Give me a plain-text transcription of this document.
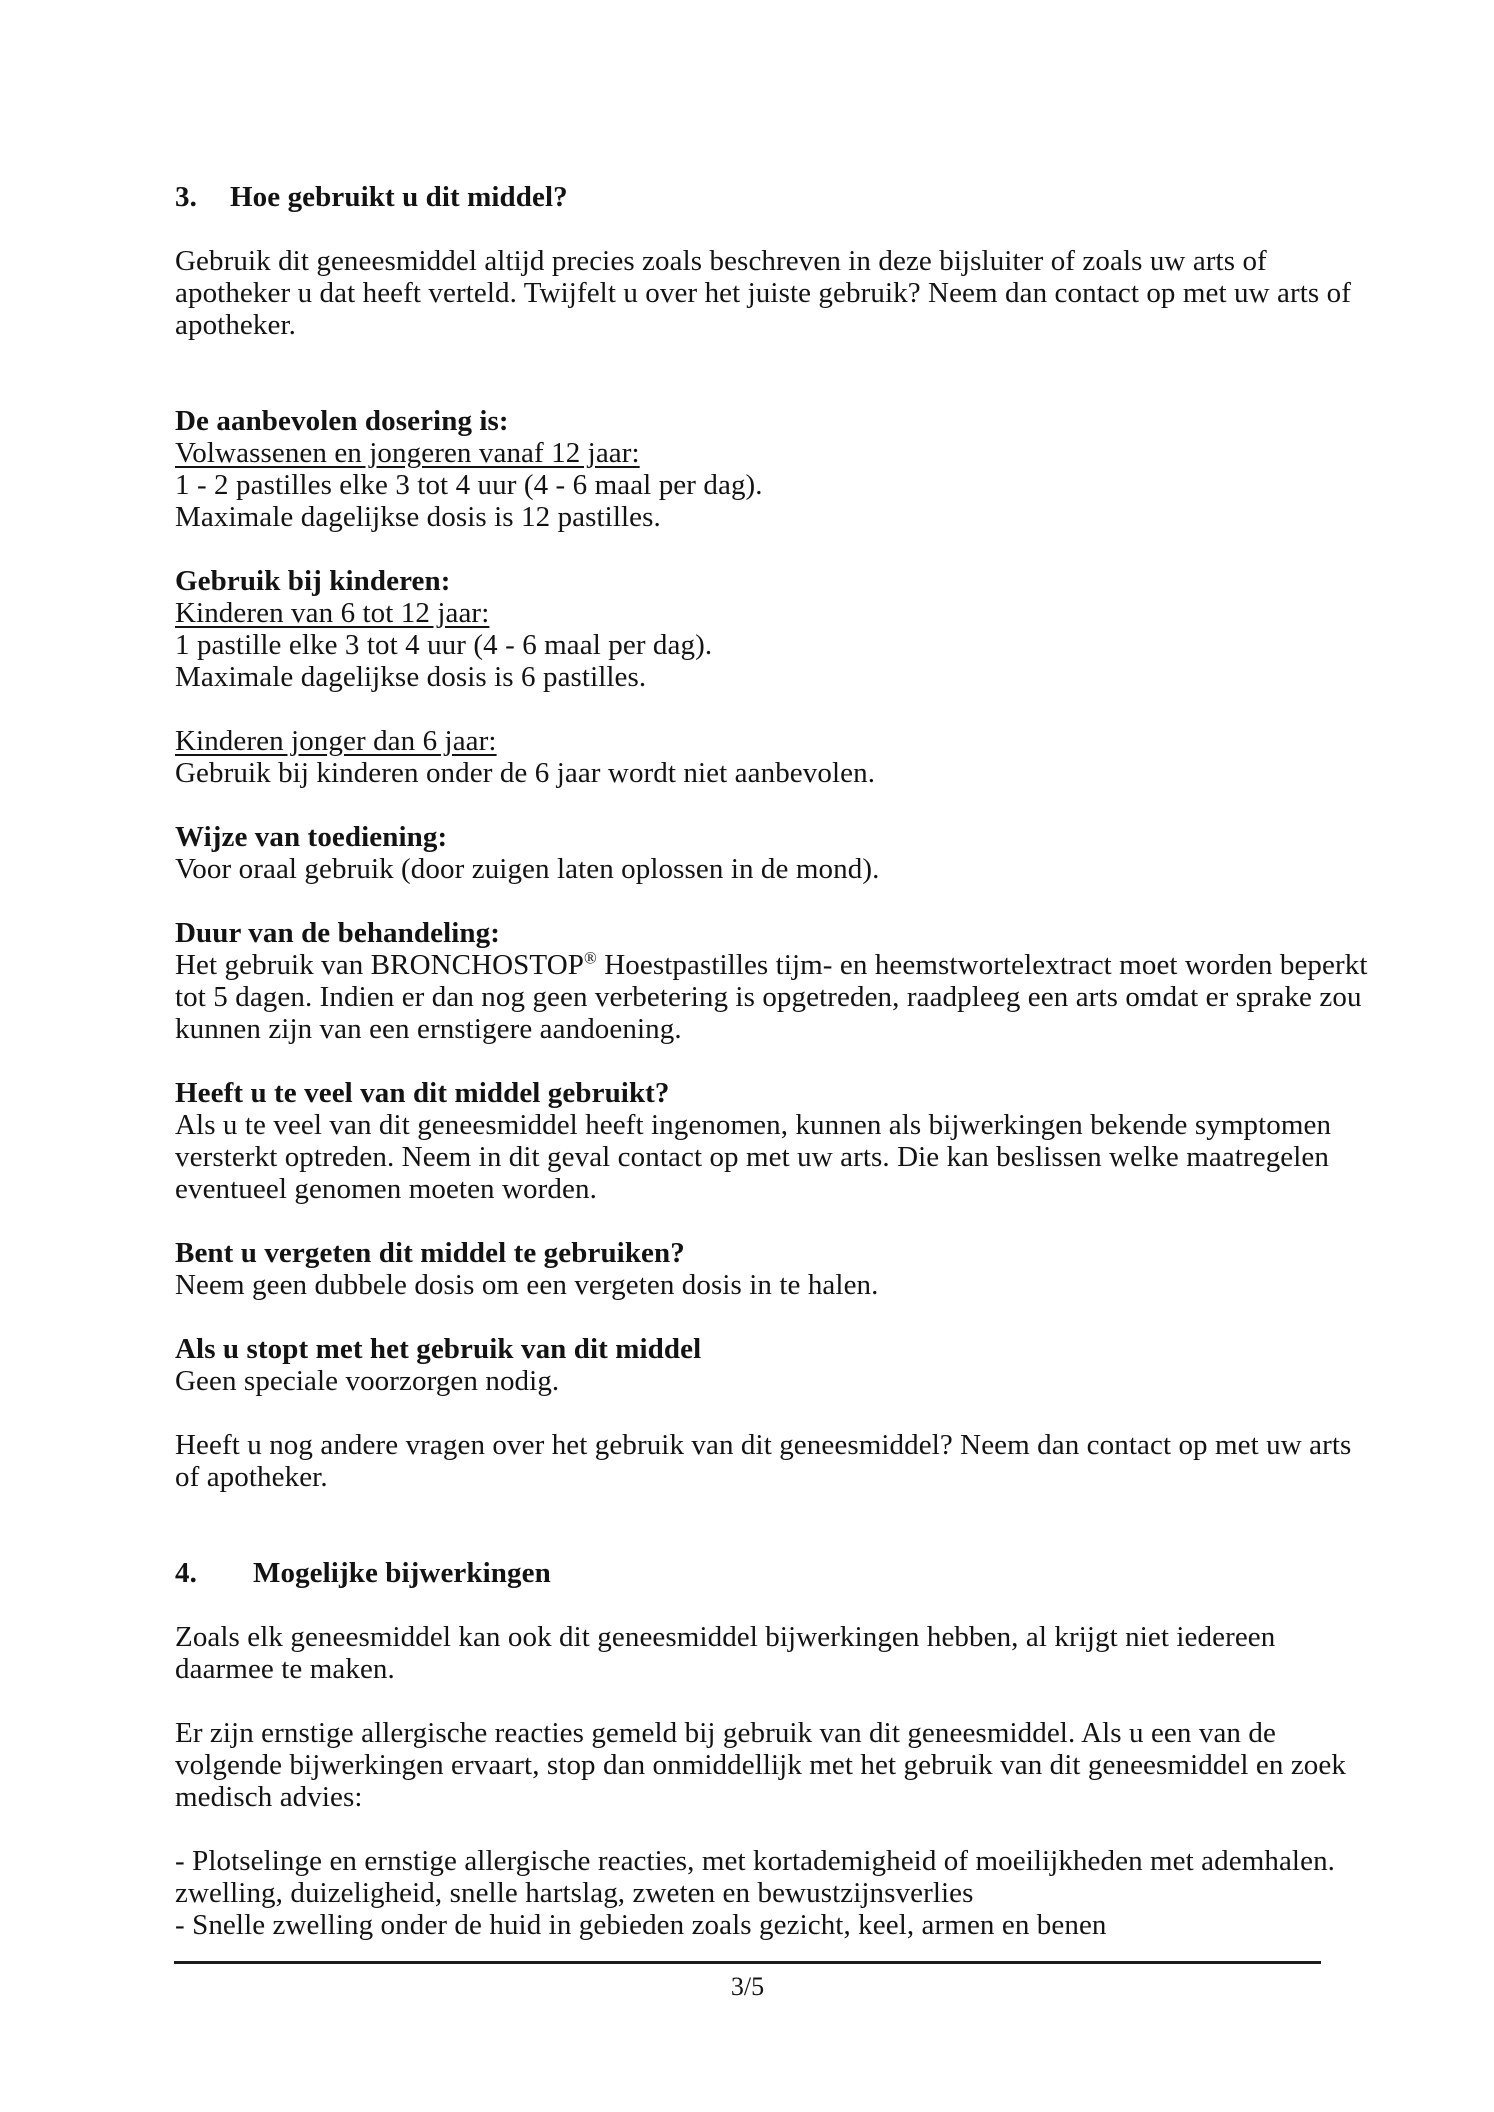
3. Hoe gebruikt u dit middel?

Gebruik dit geneesmiddel altijd precies zoals beschreven in deze bijsluiter of zoals uw arts of
apotheker u dat heeft verteld. Twijfelt u over het juiste gebruik? Neem dan contact op met uw arts of
apotheker.

De aanbevolen dosering is:
Volwassenen en jongeren vanaf 12 jaar:
1 - 2 pastilles elke 3 tot 4 uur (4 - 6 maal per dag).
Maximale dagelijkse dosis is 12 pastilles.

Gebruik bij kinderen:
Kinderen van 6 tot 12 jaar:
1 pastille elke 3 tot 4 uur (4 - 6 maal per dag).
Maximale dagelijkse dosis is 6 pastilles.

Kinderen jonger dan 6 jaar:
Gebruik bij kinderen onder de 6 jaar wordt niet aanbevolen.

Wijze van toediening:
Voor oraal gebruik (door zuigen laten oplossen in de mond).

Duur van de behandeling:
Het gebruik van BRONCHOSTOP® Hoestpastilles tijm- en heemstwortelextract moet worden beperkt
tot 5 dagen. Indien er dan nog geen verbetering is opgetreden, raadpleeg een arts omdat er sprake zou
kunnen zijn van een ernstigere aandoening.

Heeft u te veel van dit middel gebruikt?
Als u te veel van dit geneesmiddel heeft ingenomen, kunnen als bijwerkingen bekende symptomen
versterkt optreden. Neem in dit geval contact op met uw arts. Die kan beslissen welke maatregelen
eventueel genomen moeten worden.

Bent u vergeten dit middel te gebruiken?
Neem geen dubbele dosis om een vergeten dosis in te halen.

Als u stopt met het gebruik van dit middel
Geen speciale voorzorgen nodig.

Heeft u nog andere vragen over het gebruik van dit geneesmiddel? Neem dan contact op met uw arts
of apotheker.

4. Mogelijke bijwerkingen

Zoals elk geneesmiddel kan ook dit geneesmiddel bijwerkingen hebben, al krijgt niet iedereen
daarmee te maken.

Er zijn ernstige allergische reacties gemeld bij gebruik van dit geneesmiddel. Als u een van de
volgende bijwerkingen ervaart, stop dan onmiddellijk met het gebruik van dit geneesmiddel en zoek
medisch advies:

- Plotselinge en ernstige allergische reacties, met kortademigheid of moeilijkheden met ademhalen.
zwelling, duizeligheid, snelle hartslag, zweten en bewustzijnsverlies
- Snelle zwelling onder de huid in gebieden zoals gezicht, keel, armen en benen
3/5
